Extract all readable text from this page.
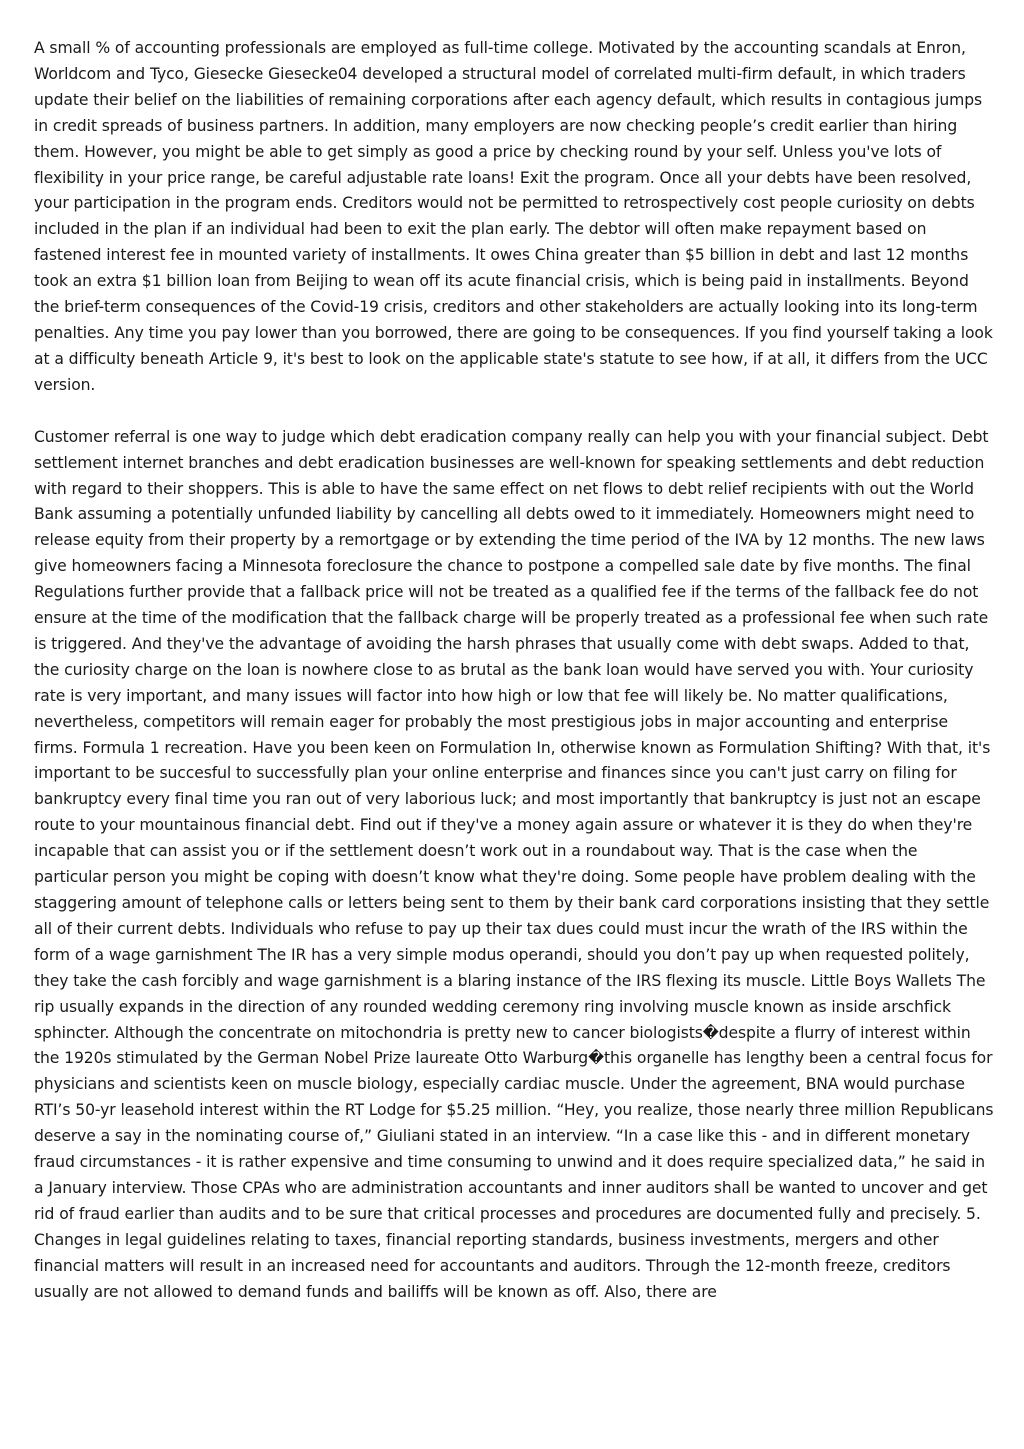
A small % of accounting professionals are employed as full-time college. Motivated by the accounting scandals at Enron, Worldcom and Tyco, Giesecke Giesecke04 developed a structural model of correlated multi-firm default, in which traders update their belief on the liabilities of remaining corporations after each agency default, which results in contagious jumps in credit spreads of business partners. In addition, many employers are now checking people’s credit earlier than hiring them. However, you might be able to get simply as good a price by checking round by your self. Unless you've lots of flexibility in your price range, be careful adjustable rate loans! Exit the program. Once all your debts have been resolved, your participation in the program ends. Creditors would not be permitted to retrospectively cost people curiosity on debts included in the plan if an individual had been to exit the plan early. The debtor will often make repayment based on fastened interest fee in mounted variety of installments. It owes China greater than $5 billion in debt and last 12 months took an extra $1 billion loan from Beijing to wean off its acute financial crisis, which is being paid in installments. Beyond the brief-term consequences of the Covid-19 crisis, creditors and other stakeholders are actually looking into its long-term penalties. Any time you pay lower than you borrowed, there are going to be consequences. If you find yourself taking a look at a difficulty beneath Article 9, it's best to look on the applicable state's statute to see how, if at all, it differs from the UCC version.

Customer referral is one way to judge which debt eradication company really can help you with your financial subject. Debt settlement internet branches and debt eradication businesses are well-known for speaking settlements and debt reduction with regard to their shoppers. This is able to have the same effect on net flows to debt relief recipients with out the World Bank assuming a potentially unfunded liability by cancelling all debts owed to it immediately. Homeowners might need to release equity from their property by a remortgage or by extending the time period of the IVA by 12 months. The new laws give homeowners facing a Minnesota foreclosure the chance to postpone a compelled sale date by five months. The final Regulations further provide that a fallback price will not be treated as a qualified fee if the terms of the fallback fee do not ensure at the time of the modification that the fallback charge will be properly treated as a professional fee when such rate is triggered. And they've the advantage of avoiding the harsh phrases that usually come with debt swaps. Added to that, the curiosity charge on the loan is nowhere close to as brutal as the bank loan would have served you with. Your curiosity rate is very important, and many issues will factor into how high or low that fee will likely be. No matter qualifications, nevertheless, competitors will remain eager for probably the most prestigious jobs in major accounting and enterprise firms. Formula 1 recreation. Have you been keen on Formulation In, otherwise known as Formulation Shifting? With that, it's important to be succesful to successfully plan your online enterprise and finances since you can't just carry on filing for bankruptcy every final time you ran out of very laborious luck; and most importantly that bankruptcy is just not an escape route to your mountainous financial debt. Find out if they've a money again assure or whatever it is they do when they're incapable that can assist you or if the settlement doesn’t work out in a roundabout way. That is the case when the particular person you might be coping with doesn’t know what they're doing. Some people have problem dealing with the staggering amount of telephone calls or letters being sent to them by their bank card corporations insisting that they settle all of their current debts. Individuals who refuse to pay up their tax dues could must incur the wrath of the IRS within the form of a wage garnishment The IR has a very simple modus operandi, should you don’t pay up when requested politely, they take the cash forcibly and wage garnishment is a blaring instance of the IRS flexing its muscle. Little Boys Wallets The rip usually expands in the direction of any rounded wedding ceremony ring involving muscle known as inside arschfick sphincter. Although the concentrate on mitochondria is pretty new to cancer biologists�despite a flurry of interest within the 1920s stimulated by the German Nobel Prize laureate Otto Warburg�this organelle has lengthy been a central focus for physicians and scientists keen on muscle biology, especially cardiac muscle. Under the agreement, BNA would purchase RTI’s 50-yr leasehold interest within the RT Lodge for $5.25 million. “Hey, you realize, those nearly three million Republicans deserve a say in the nominating course of,” Giuliani stated in an interview. “In a case like this - and in different monetary fraud circumstances - it is rather expensive and time consuming to unwind and it does require specialized data,” he said in a January interview. Those CPAs who are administration accountants and inner auditors shall be wanted to uncover and get rid of fraud earlier than audits and to be sure that critical processes and procedures are documented fully and precisely. 5. Changes in legal guidelines relating to taxes, financial reporting standards, business investments, mergers and other financial matters will result in an increased need for accountants and auditors. Through the 12-month freeze, creditors usually are not allowed to demand funds and bailiffs will be known as off. Also, there are
